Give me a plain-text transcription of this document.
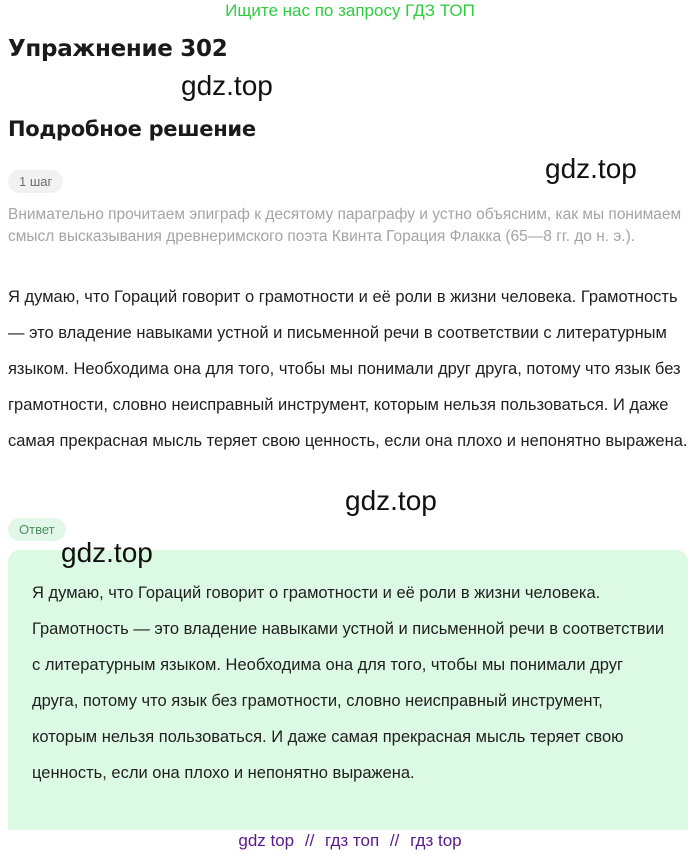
Ищите нас по запросу ГДЗ ТОП
Упражнение 302
gdz.top
gdz.top
Подробное решение
1 шаг
Внимательно прочитаем эпиграф к десятому параграфу и устно объясним, как мы понимаем смысл высказывания древнеримского поэта Квинта Горация Флакка (65—8 гг. до н. э.).
Я думаю, что Гораций говорит о грамотности и её роли в жизни человека. Грамотность — это владение навыками устной и письменной речи в соответствии с литературным языком. Необходима она для того, чтобы мы понимали друг друга, потому что язык без грамотности, словно неисправный инструмент, которым нельзя пользоваться. И даже самая прекрасная мысль теряет свою ценность, если она плохо и непонятно выражена.
gdz.top
Ответ
Я думаю, что Гораций говорит о грамотности и её роли в жизни человека. Грамотность — это владение навыками устной и письменной речи в соответствии с литературным языком. Необходима она для того, чтобы мы понимали друг друга, потому что язык без грамотности, словно неисправный инструмент, которым нельзя пользоваться. И даже самая прекрасная мысль теряет свою ценность, если она плохо и непонятно выражена.
gdz.top
gdz top // гдз топ // гдз top
